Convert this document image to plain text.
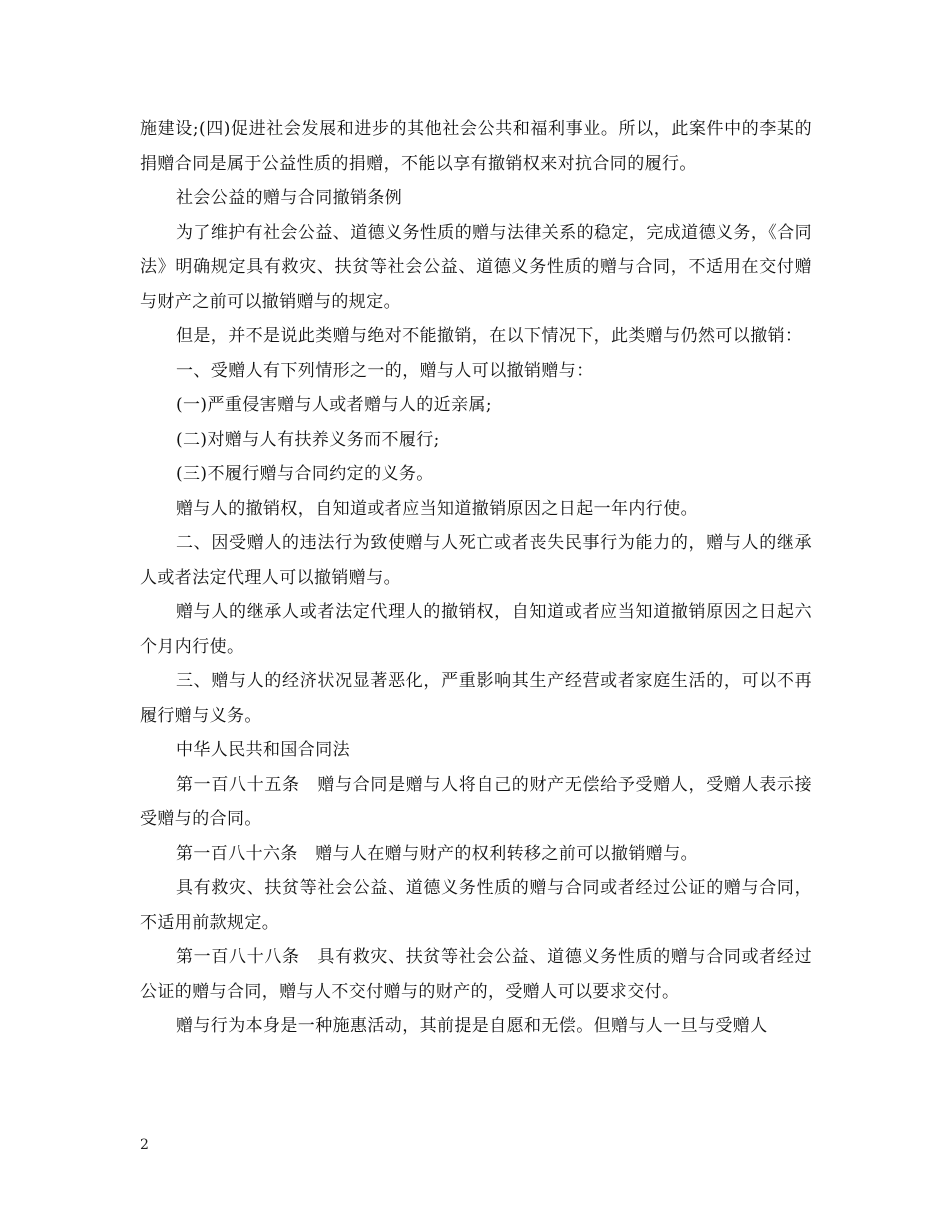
施建设;(四)促进社会发展和进步的其他社会公共和福利事业。所以，此案件中的李某的捐赠合同是属于公益性质的捐赠，不能以享有撤销权来对抗合同的履行。

社会公益的赠与合同撤销条例

为了维护有社会公益、道德义务性质的赠与法律关系的稳定，完成道德义务，《合同法》明确规定具有救灾、扶贫等社会公益、道德义务性质的赠与合同，不适用在交付赠与财产之前可以撤销赠与的规定。

但是，并不是说此类赠与绝对不能撤销，在以下情况下，此类赠与仍然可以撤销：

一、受赠人有下列情形之一的，赠与人可以撤销赠与：

(一)严重侵害赠与人或者赠与人的近亲属;

(二)对赠与人有扶养义务而不履行;

(三)不履行赠与合同约定的义务。

赠与人的撤销权，自知道或者应当知道撤销原因之日起一年内行使。

二、因受赠人的违法行为致使赠与人死亡或者丧失民事行为能力的，赠与人的继承人或者法定代理人可以撤销赠与。

赠与人的继承人或者法定代理人的撤销权，自知道或者应当知道撤销原因之日起六个月内行使。

三、赠与人的经济状况显著恶化，严重影响其生产经营或者家庭生活的，可以不再履行赠与义务。

中华人民共和国合同法

第一百八十五条　赠与合同是赠与人将自己的财产无偿给予受赠人，受赠人表示接受赠与的合同。

第一百八十六条　赠与人在赠与财产的权利转移之前可以撤销赠与。

具有救灾、扶贫等社会公益、道德义务性质的赠与合同或者经过公证的赠与合同，不适用前款规定。

第一百八十八条　具有救灾、扶贫等社会公益、道德义务性质的赠与合同或者经过公证的赠与合同，赠与人不交付赠与的财产的，受赠人可以要求交付。

赠与行为本身是一种施惠活动，其前提是自愿和无偿。但赠与人一旦与受赠人

2
